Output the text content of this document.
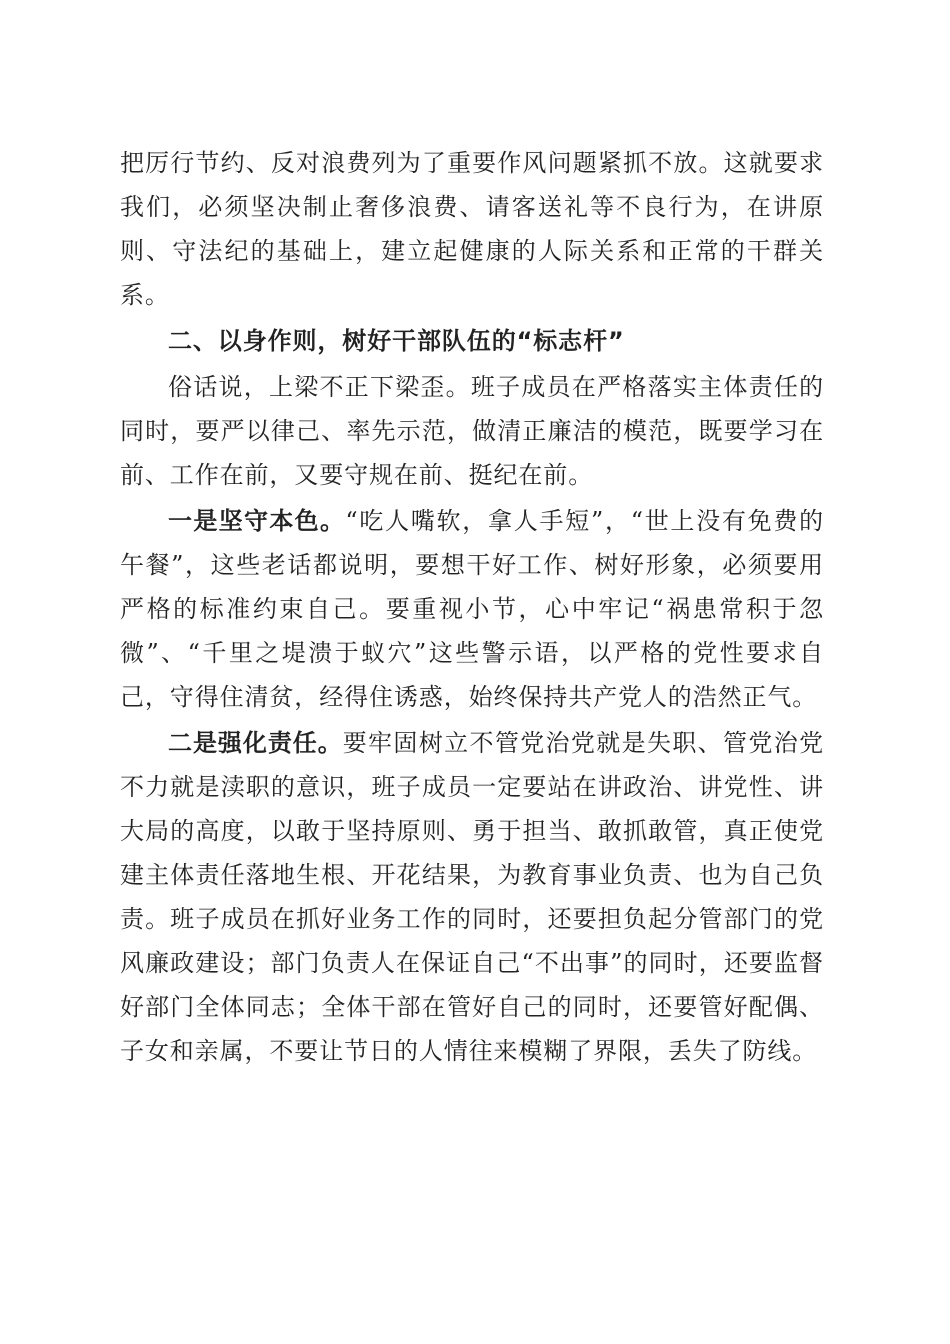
把厉行节约、反对浪费列为了重要作风问题紧抓不放。这就要求我们，必须坚决制止奢侈浪费、请客送礼等不良行为，在讲原则、守法纪的基础上，建立起健康的人际关系和正常的干群关系。

二、以身作则，树好干部队伍的“标志杆”

俗话说，上梁不正下梁歪。班子成员在严格落实主体责任的同时，要严以律己、率先示范，做清正廉洁的模范，既要学习在前、工作在前，又要守规在前、挺纪在前。

一是坚守本色。“吃人嘴软，拿人手短”，“世上没有免费的午餐”，这些老话都说明，要想干好工作、树好形象，必须要用严格的标准约束自己。要重视小节，心中牢记“祸患常积于忽微”、“千里之堤溃于蚁穴”这些警示语，以严格的党性要求自己，守得住清贫，经得住诱惑，始终保持共产党人的浩然正气。

二是强化责任。要牢固树立不管党治党就是失职、管党治党不力就是渎职的意识，班子成员一定要站在讲政治、讲党性、讲大局的高度，以敢于坚持原则、勇于担当、敢抓敢管，真正使党建主体责任落地生根、开花结果，为教育事业负责、也为自己负责。班子成员在抓好业务工作的同时，还要担负起分管部门的党风廉政建设；部门负责人在保证自己“不出事”的同时，还要监督好部门全体同志；全体干部在管好自己的同时，还要管好配偶、子女和亲属，不要让节日的人情往来模糊了界限，丢失了防线。
